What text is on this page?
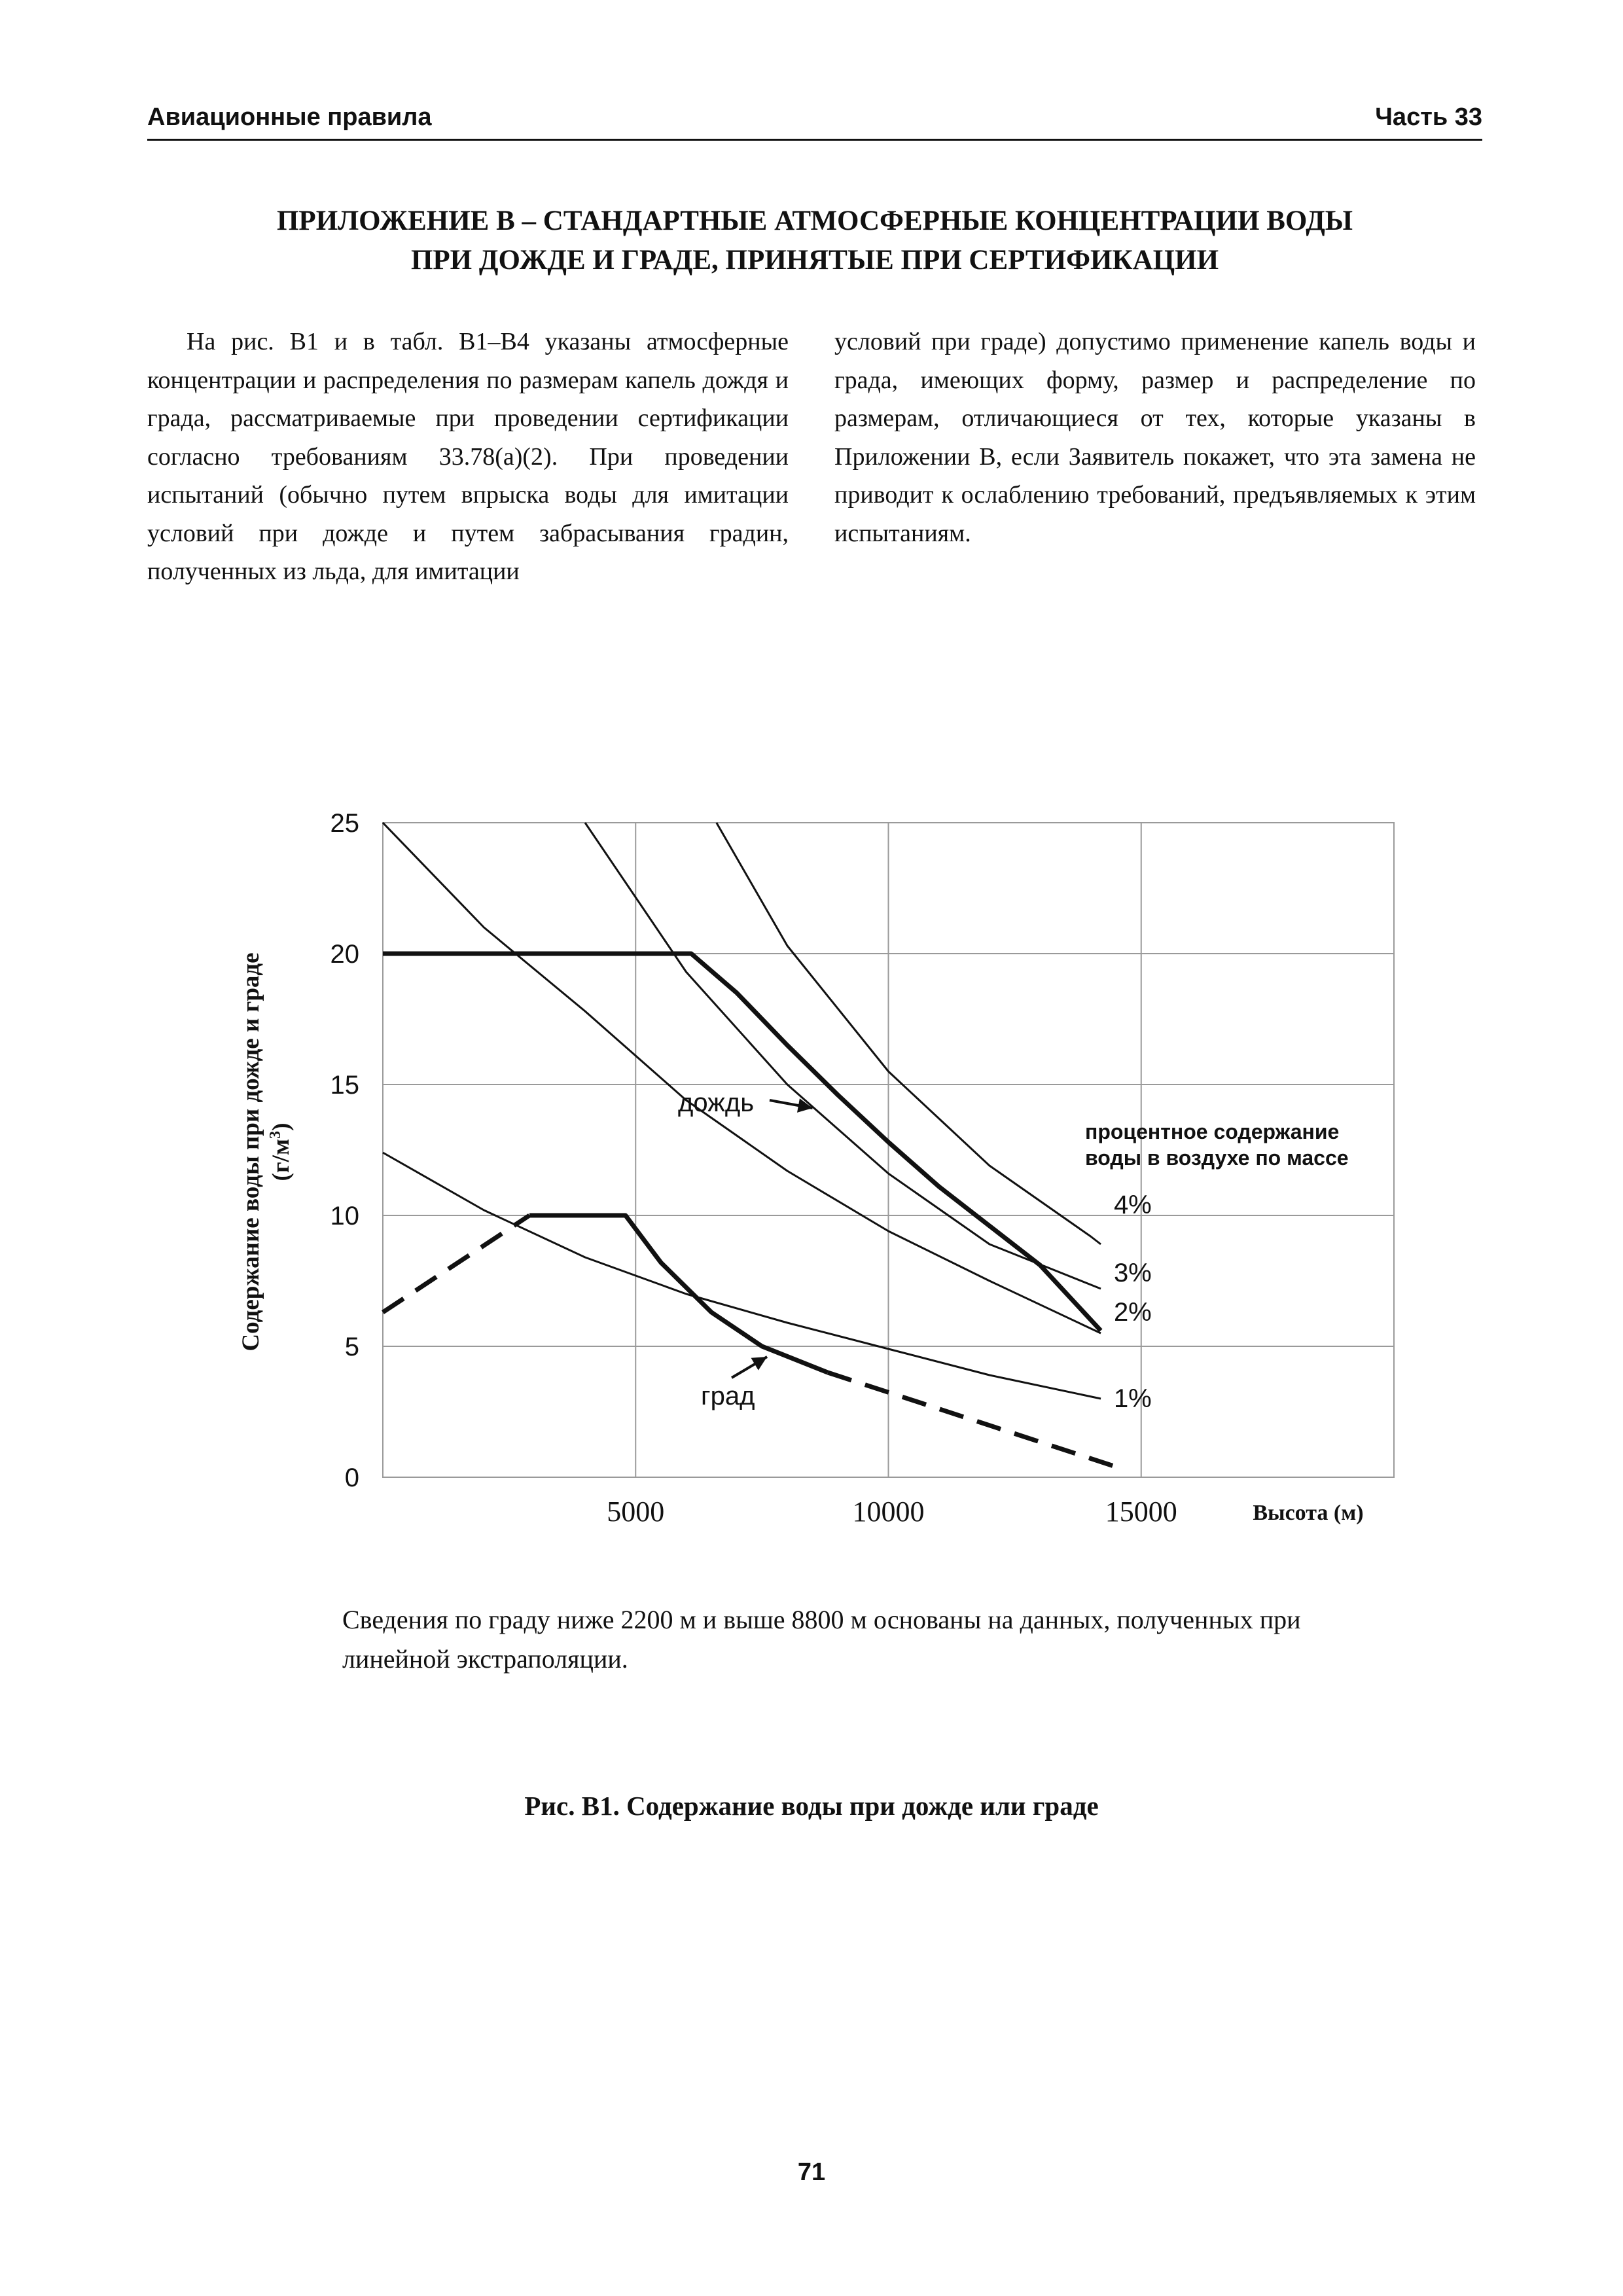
Авиационные правила	Часть 33
ПРИЛОЖЕНИЕ В – СТАНДАРТНЫЕ АТМОСФЕРНЫЕ КОНЦЕНТРАЦИИ ВОДЫ
ПРИ ДОЖДЕ И ГРАДЕ, ПРИНЯТЫЕ ПРИ СЕРТИФИКАЦИИ

На рис. В1 и в табл. В1–В4 указаны атмосферные концентрации и распределения по размерам капель дождя и града, рассматриваемые при проведении сертификации согласно требованиям 33.78(а)(2). При проведении испытаний (обычно путем впрыска воды для имитации условий при дожде и путем забрасывания градин, полученных из льда, для имитации

условий при граде) допустимо применение капель воды и града, имеющих форму, размер и распределение по размерам, отличающиеся от тех, которые указаны в Приложении В, если Заявитель покажет, что эта замена не приводит к ослаблению требований, предъявляемых к этим испытаниям.

0
5
10
15
20
25
5000	10000	15000	Высота (м)
Содержание воды при дожде и граде $(г/м^3)$
дождь
град
4%
3%
2%
1%
процентное содержание
воды в воздухе по массе
Сведения по граду ниже 2200 м и выше 8800 м основаны на данных, полученных при линейной экстраполяции.
Рис. В1. Содержание воды при дожде или граде
71
